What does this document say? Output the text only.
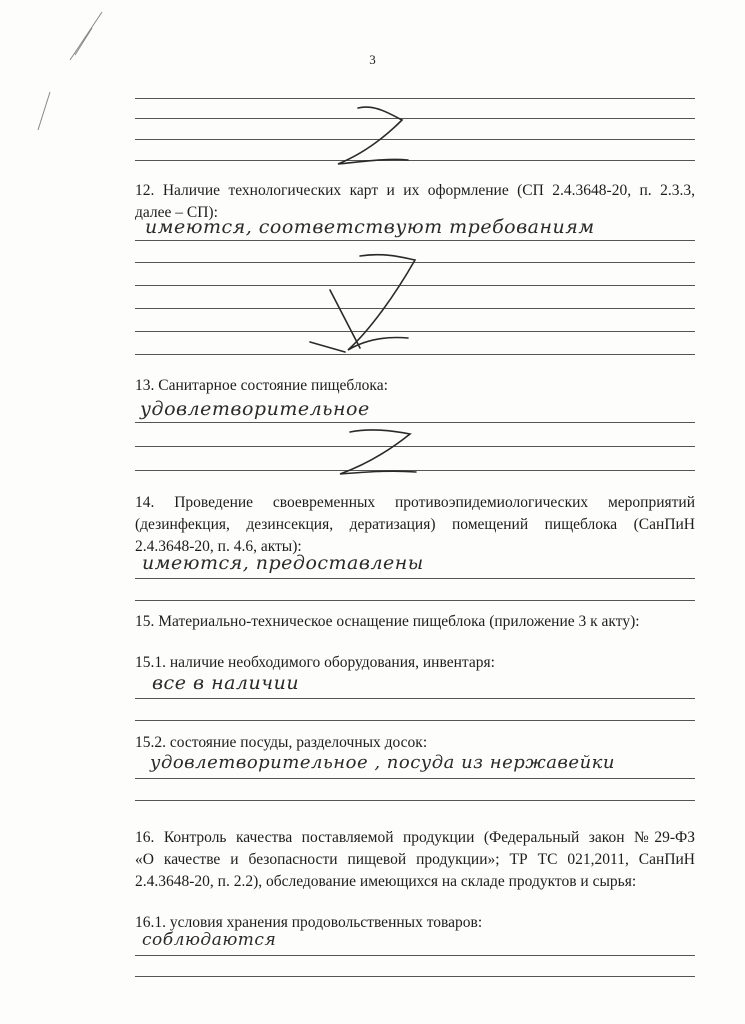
3

12. Наличие технологических карт и их оформление (СП 2.4.3648-20, п. 2.3.3,

далее – СП):

имеются, соответствуют требованиям

13. Санитарное состояние пищеблока:

удовлетворительное

14. Проведение своевременных противоэпидемиологических мероприятий

(дезинфекция, дезинсекция, дератизация) помещений пищеблока (СанПиН

2.4.3648-20, п. 4.6, акты):

имеются, предоставлены

15. Материально-техническое оснащение пищеблока (приложение 3 к акту):

15.1. наличие необходимого оборудования, инвентаря:

все в наличии

15.2. состояние посуды, разделочных досок:

удовлетворительное , посуда из нержавейки

16. Контроль качества поставляемой продукции (Федеральный закон №29-ФЗ

«О качестве и безопасности пищевой продукции»; ТР ТС 021,2011, СанПиН

2.4.3648-20, п. 2.2), обследование имеющихся на складе продуктов и сырья:

16.1. условия хранения продовольственных товаров:

соблюдаются
